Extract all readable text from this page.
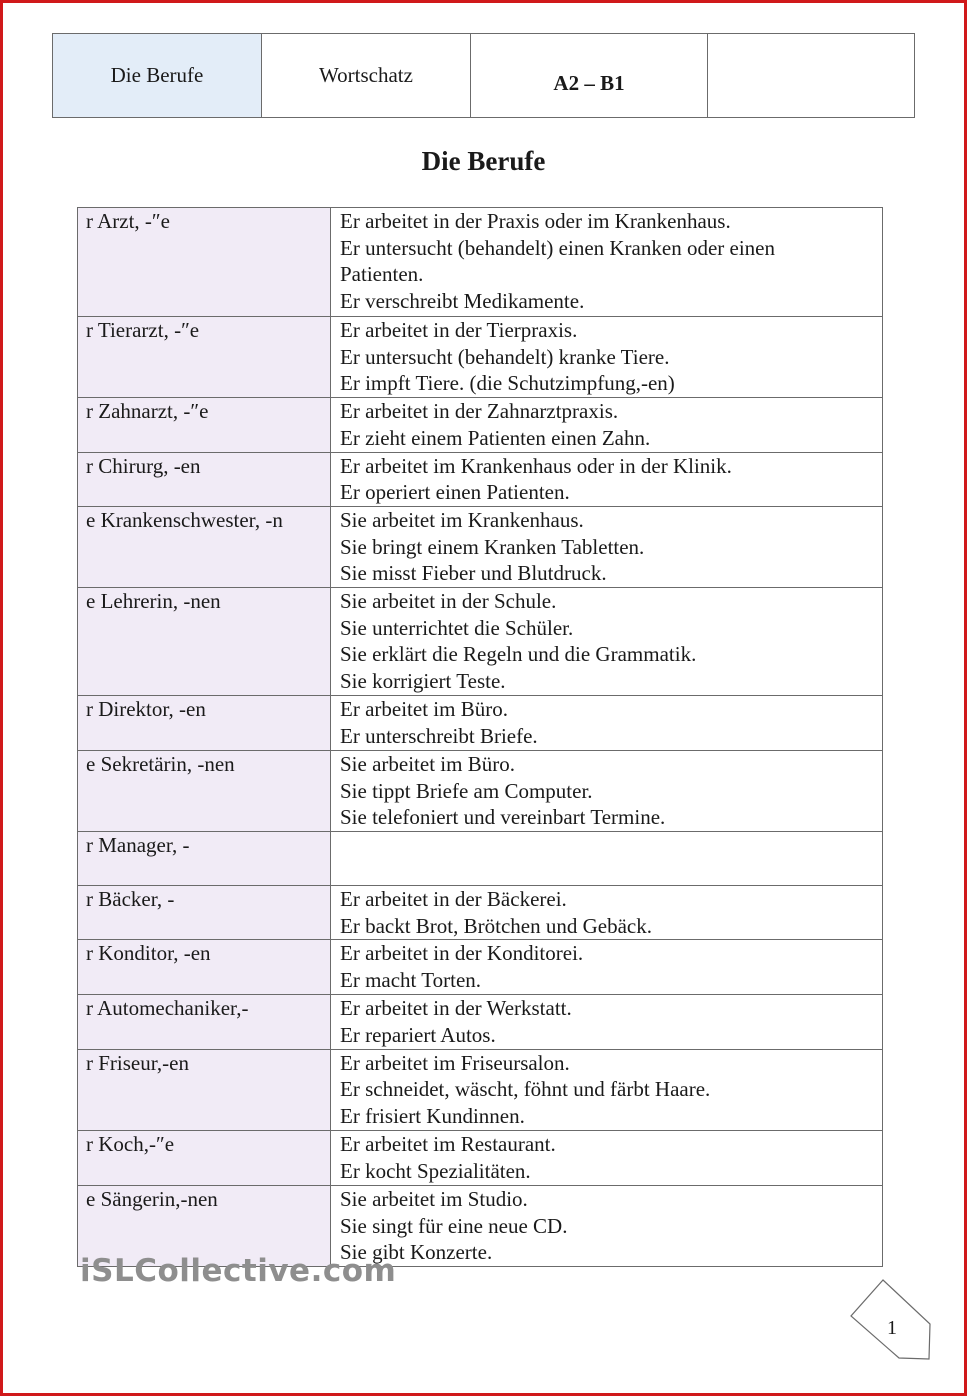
Die Berufe	Wortschatz	A2 – B1	
Die Berufe
r Arzt, -″e	Er arbeitet in der Praxis oder im Krankenhaus.
Er untersucht (behandelt) einen Kranken oder einen
Patienten.
Er verschreibt Medikamente.

r Tierarzt, -″e	Er arbeitet in der Tierpraxis.
Er untersucht (behandelt) kranke Tiere.
Er impft Tiere. (die Schutzimpfung,-en)

r Zahnarzt, -″e	Er arbeitet in der Zahnarztpraxis.
Er zieht einem Patienten einen Zahn.

r Chirurg, -en	Er arbeitet im Krankenhaus oder in der Klinik.
Er operiert einen Patienten.

e Krankenschwester, -n	Sie arbeitet im Krankenhaus.
Sie bringt einem Kranken Tabletten.
Sie misst Fieber und Blutdruck.

e Lehrerin, -nen	Sie arbeitet in der Schule.
Sie unterrichtet die Schüler.
Sie erklärt die Regeln und die Grammatik.
Sie korrigiert Teste.

r Direktor, -en	Er arbeitet im Büro.
Er unterschreibt Briefe.

e Sekretärin, -nen	Sie arbeitet im Büro.
Sie tippt Briefe am Computer.
Sie telefoniert und vereinbart Termine.

r Manager, -	

r Bäcker, -	Er arbeitet in der Bäckerei.
Er backt Brot, Brötchen und Gebäck.

r Konditor, -en	Er arbeitet in der Konditorei.
Er macht Torten.

r Automechaniker,-	Er arbeitet in der Werkstatt.
Er repariert Autos.

r Friseur,-en	Er arbeitet im Friseursalon.
Er schneidet, wäscht, föhnt und färbt Haare.
Er frisiert Kundinnen.

r Koch,-″e	Er arbeitet im Restaurant.
Er kocht Spezialitäten.

e Sängerin,-nen	Sie arbeitet im Studio.
Sie singt für eine neue CD.
Sie gibt Konzerte.
iSLCollective.com
1
